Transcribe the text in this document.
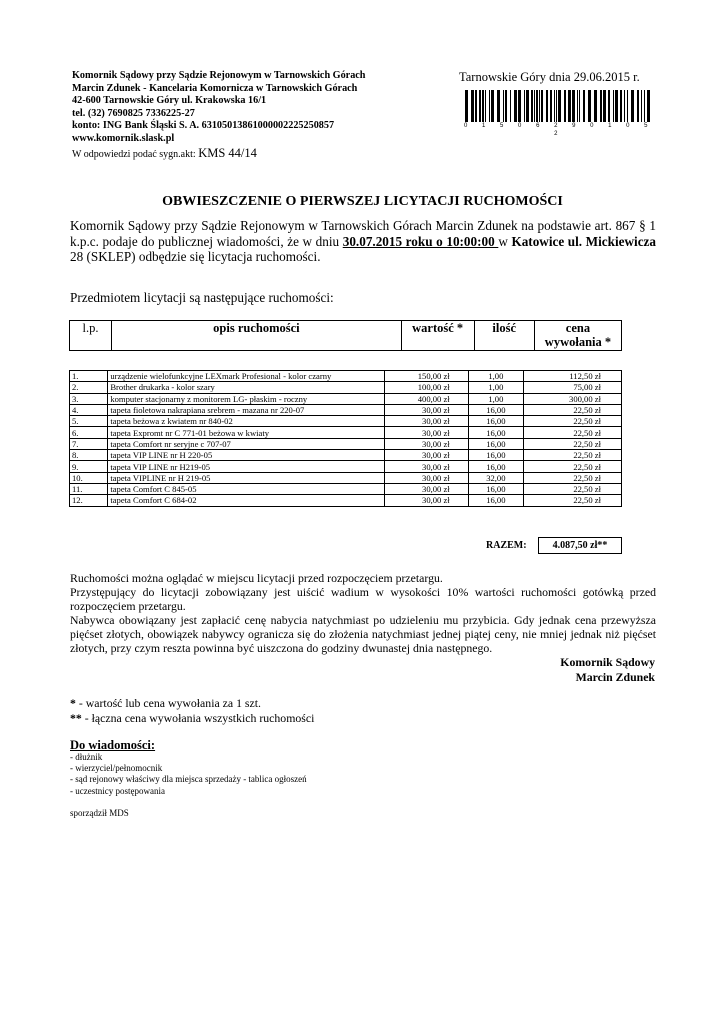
Komornik Sądowy przy Sądzie Rejonowym w Tarnowskich Górach
Marcin Zdunek - Kancelaria Komornicza w Tarnowskich Górach
42-600 Tarnowskie Góry ul. Krakowska 16/1
tel. (32) 7690825 7336225-27
konto: ING Bank Śląski S. A. 63105013861000002225250857
www.komornik.slask.pl
W odpowiedzi podać sygn.akt: KMS 44/14
Tarnowskie Góry dnia 29.06.2015 r.
0 1 5 0 6 2 9 0 1 0 5 2
OBWIESZCZENIE O PIERWSZEJ LICYTACJI RUCHOMOŚCI
Komornik Sądowy przy Sądzie Rejonowym w Tarnowskich Górach Marcin Zdunek na podstawie art. 867 § 1 k.p.c. podaje do publicznej wiadomości, że w dniu 30.07.2015 roku o 10:00:00 w Katowice ul. Mickiewicza 28 (SKLEP) odbędzie się licytacja ruchomości.
Przedmiotem licytacji są następujące ruchomości:
l.p.	opis ruchomości	wartość *	ilość	cena wywołania *
1.	urządzenie wielofunkcyjne LEXmark Profesional - kolor czarny	150,00 zł	1,00	112,50 zł
2.	Brother drukarka - kolor szary	100,00 zł	1,00	75,00 zł
3.	komputer stacjonarny z monitorem LG- płaskim - roczny	400,00 zł	1,00	300,00 zł
4.	tapeta fioletowa nakrapiana srebrem - mazana nr 220-07	30,00 zł	16,00	22,50 zł
5.	tapeta beżowa z kwiatem nr 840-02	30,00 zł	16,00	22,50 zł
6.	tapeta Expromt nr C 771-01 beżowa w kwiaty	30,00 zł	16,00	22,50 zł
7.	tapeta Comfort nr seryjne c 707-07	30,00 zł	16,00	22,50 zł
8.	tapeta VIP LINE nr H 220-05	30,00 zł	16,00	22,50 zł
9.	tapeta VIP LINE nr H219-05	30,00 zł	16,00	22,50 zł
10.	tapeta VIPLINE nr H 219-05	30,00 zł	32,00	22,50 zł
11.	tapeta Comfort C 845-05	30,00 zł	16,00	22,50 zł
12.	tapeta Comfort C 684-02	30,00 zł	16,00	22,50 zł
RAZEM:	4.087,50 zł**
Ruchomości można oglądać w miejscu licytacji przed rozpoczęciem przetargu.
Przystępujący do licytacji zobowiązany jest uiścić wadium w wysokości 10% wartości ruchomości gotówką przed rozpoczęciem przetargu.
Nabywca obowiązany jest zapłacić cenę nabycia natychmiast po udzieleniu mu przybicia. Gdy jednak cena przewyższa pięćset złotych, obowiązek nabywcy ogranicza się do złożenia natychmiast jednej piątej ceny, nie mniej jednak niż pięćset złotych, przy czym reszta powinna być uiszczona do godziny dwunastej dnia następnego.
Komornik Sądowy
Marcin Zdunek
* - wartość lub cena wywołania za 1 szt.
** - łączna cena wywołania wszystkich ruchomości
Do wiadomości:
- dłużnik
- wierzyciel/pełnomocnik
- sąd rejonowy właściwy dla miejsca sprzedaży - tablica ogłoszeń
- uczestnicy postępowania
sporządził MDS
